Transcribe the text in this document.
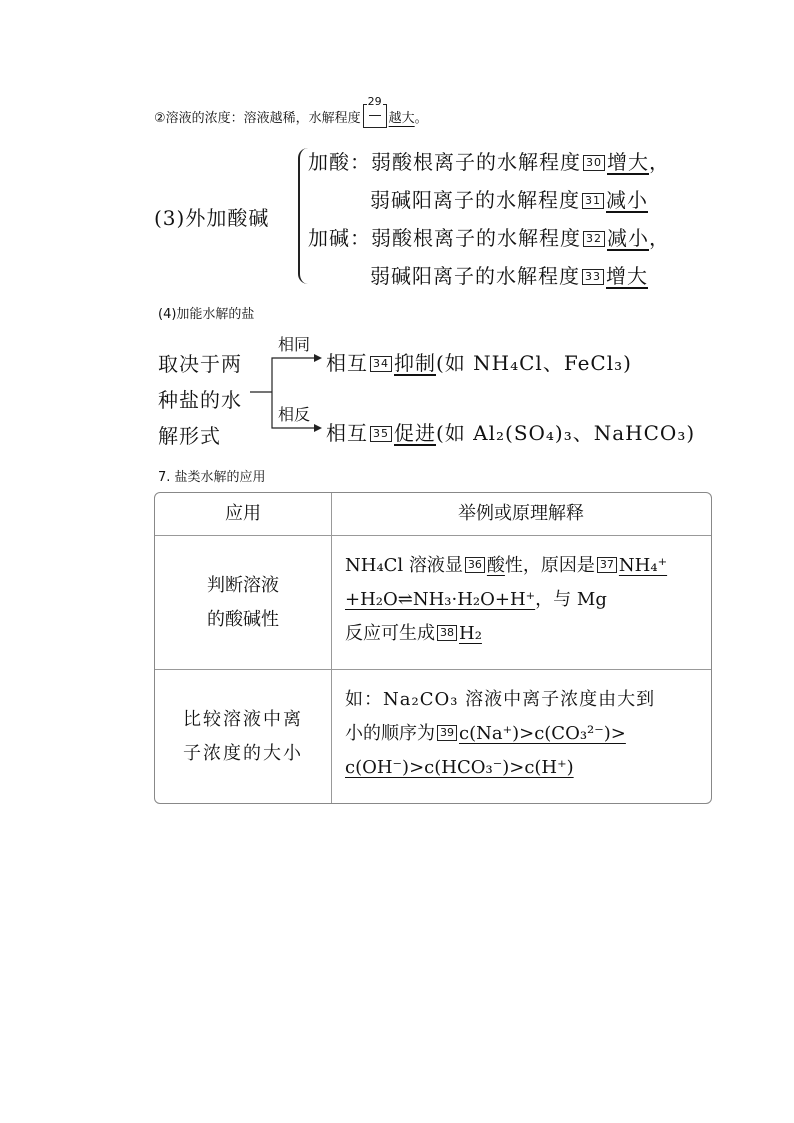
②溶液的浓度：溶液越稀，水解程度
29
越大。
(3)外加酸碱
加酸：弱酸根离子的水解程度 30 增大，
弱碱阳离子的水解程度 31 减小
加碱：弱酸根离子的水解程度 32 减小，
弱碱阳离子的水解程度 33 增大
(4)加能水解的盐
取决于两
种盐的水
解形式
相同
相反
相互 34 抑制(如 NH₄Cl、FeCl₃)
相互 35 促进(如 Al₂(SO₄)₃、NaHCO₃)
7. 盐类水解的应用
应用	举例或原理解释
判断溶液
的酸碱性
NH₄Cl 溶液显 36 酸性，原因是 37 NH₄⁺
+H₂O⇌NH₃·H₂O+H⁺，与 Mg
反应可生成 38 H₂
比较溶液中离
子浓度的大小
如：Na₂CO₃ 溶液中离子浓度由大到
小的顺序为 39 c(Na⁺)>c(CO₃²⁻)>
c(OH⁻)>c(HCO₃⁻)>c(H⁺)
